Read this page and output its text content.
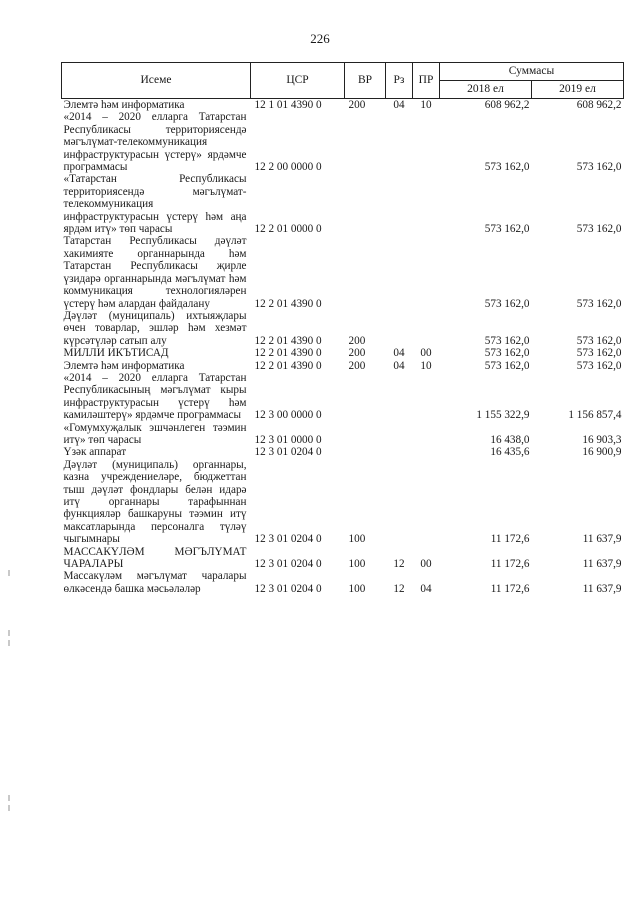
226
Исеме	ЦСР	ВР	Рз	ПР	Суммасы	
					2018 ел	2019 ел
Элемтә һәм информатика	12 1 01 4390 0	200	04	10	608 962,2	608 962,2
«2014 – 2020 елларга Татарстан Республикасы территориясендә мәгълүмат-телекоммуникация инфраструктурасын үстерү» ярдәмче программасы	12 2 00 0000 0				573 162,0	573 162,0
«Татарстан Республикасы территориясендә мәгълүмат-телекоммуникация инфраструктурасын үстерү һәм аңа ярдәм итү» төп чарасы	12 2 01 0000 0				573 162,0	573 162,0
Татарстан Республикасы дәүләт хакимияте органнарында һәм Татарстан Республикасы җирле үзидарә органнарында мәгълүмат һәм коммуникация технологияләрен үстерү һәм алардан файдалану	12 2 01 4390 0				573 162,0	573 162,0
Дәүләт (муниципаль) ихтыяҗлары өчен товарлар, эшләр һәм хезмәт күрсәтүләр сатып алу	12 2 01 4390 0	200			573 162,0	573 162,0
МИЛЛИ ИКЪТИСАД	12 2 01 4390 0	200	04	00	573 162,0	573 162,0
Элемтә һәм информатика	12 2 01 4390 0	200	04	10	573 162,0	573 162,0
«2014 – 2020 елларга Татарстан Республикасының мәгълүмат кыры инфраструктурасын үстерү һәм камиләштерү» ярдәмче программасы	12 3 00 0000 0				1 155 322,9	1 156 857,4
«Гомумхуҗалык эшчәнлеген тәэмин итү» төп чарасы	12 3 01 0000 0				16 438,0	16 903,3
Үзәк аппарат	12 3 01 0204 0				16 435,6	16 900,9
Дәүләт (муниципаль) органнары, казна учреждениеләре, бюджеттан тыш дәүләт фондлары белән идарә итү органнары тарафыннан функцияләр башкаруны тәэмин итү максатларында персоналга түләү чыгымнары	12 3 01 0204 0	100			11 172,6	11 637,9
МАССАКҮЛӘМ МӘГЪЛҮМАТ ЧАРАЛАРЫ	12 3 01 0204 0	100	12	00	11 172,6	11 637,9
Массакүләм мәгълүмат чаралары өлкәсендә башка мәсьәләләр	12 3 01 0204 0	100	12	04	11 172,6	11 637,9
